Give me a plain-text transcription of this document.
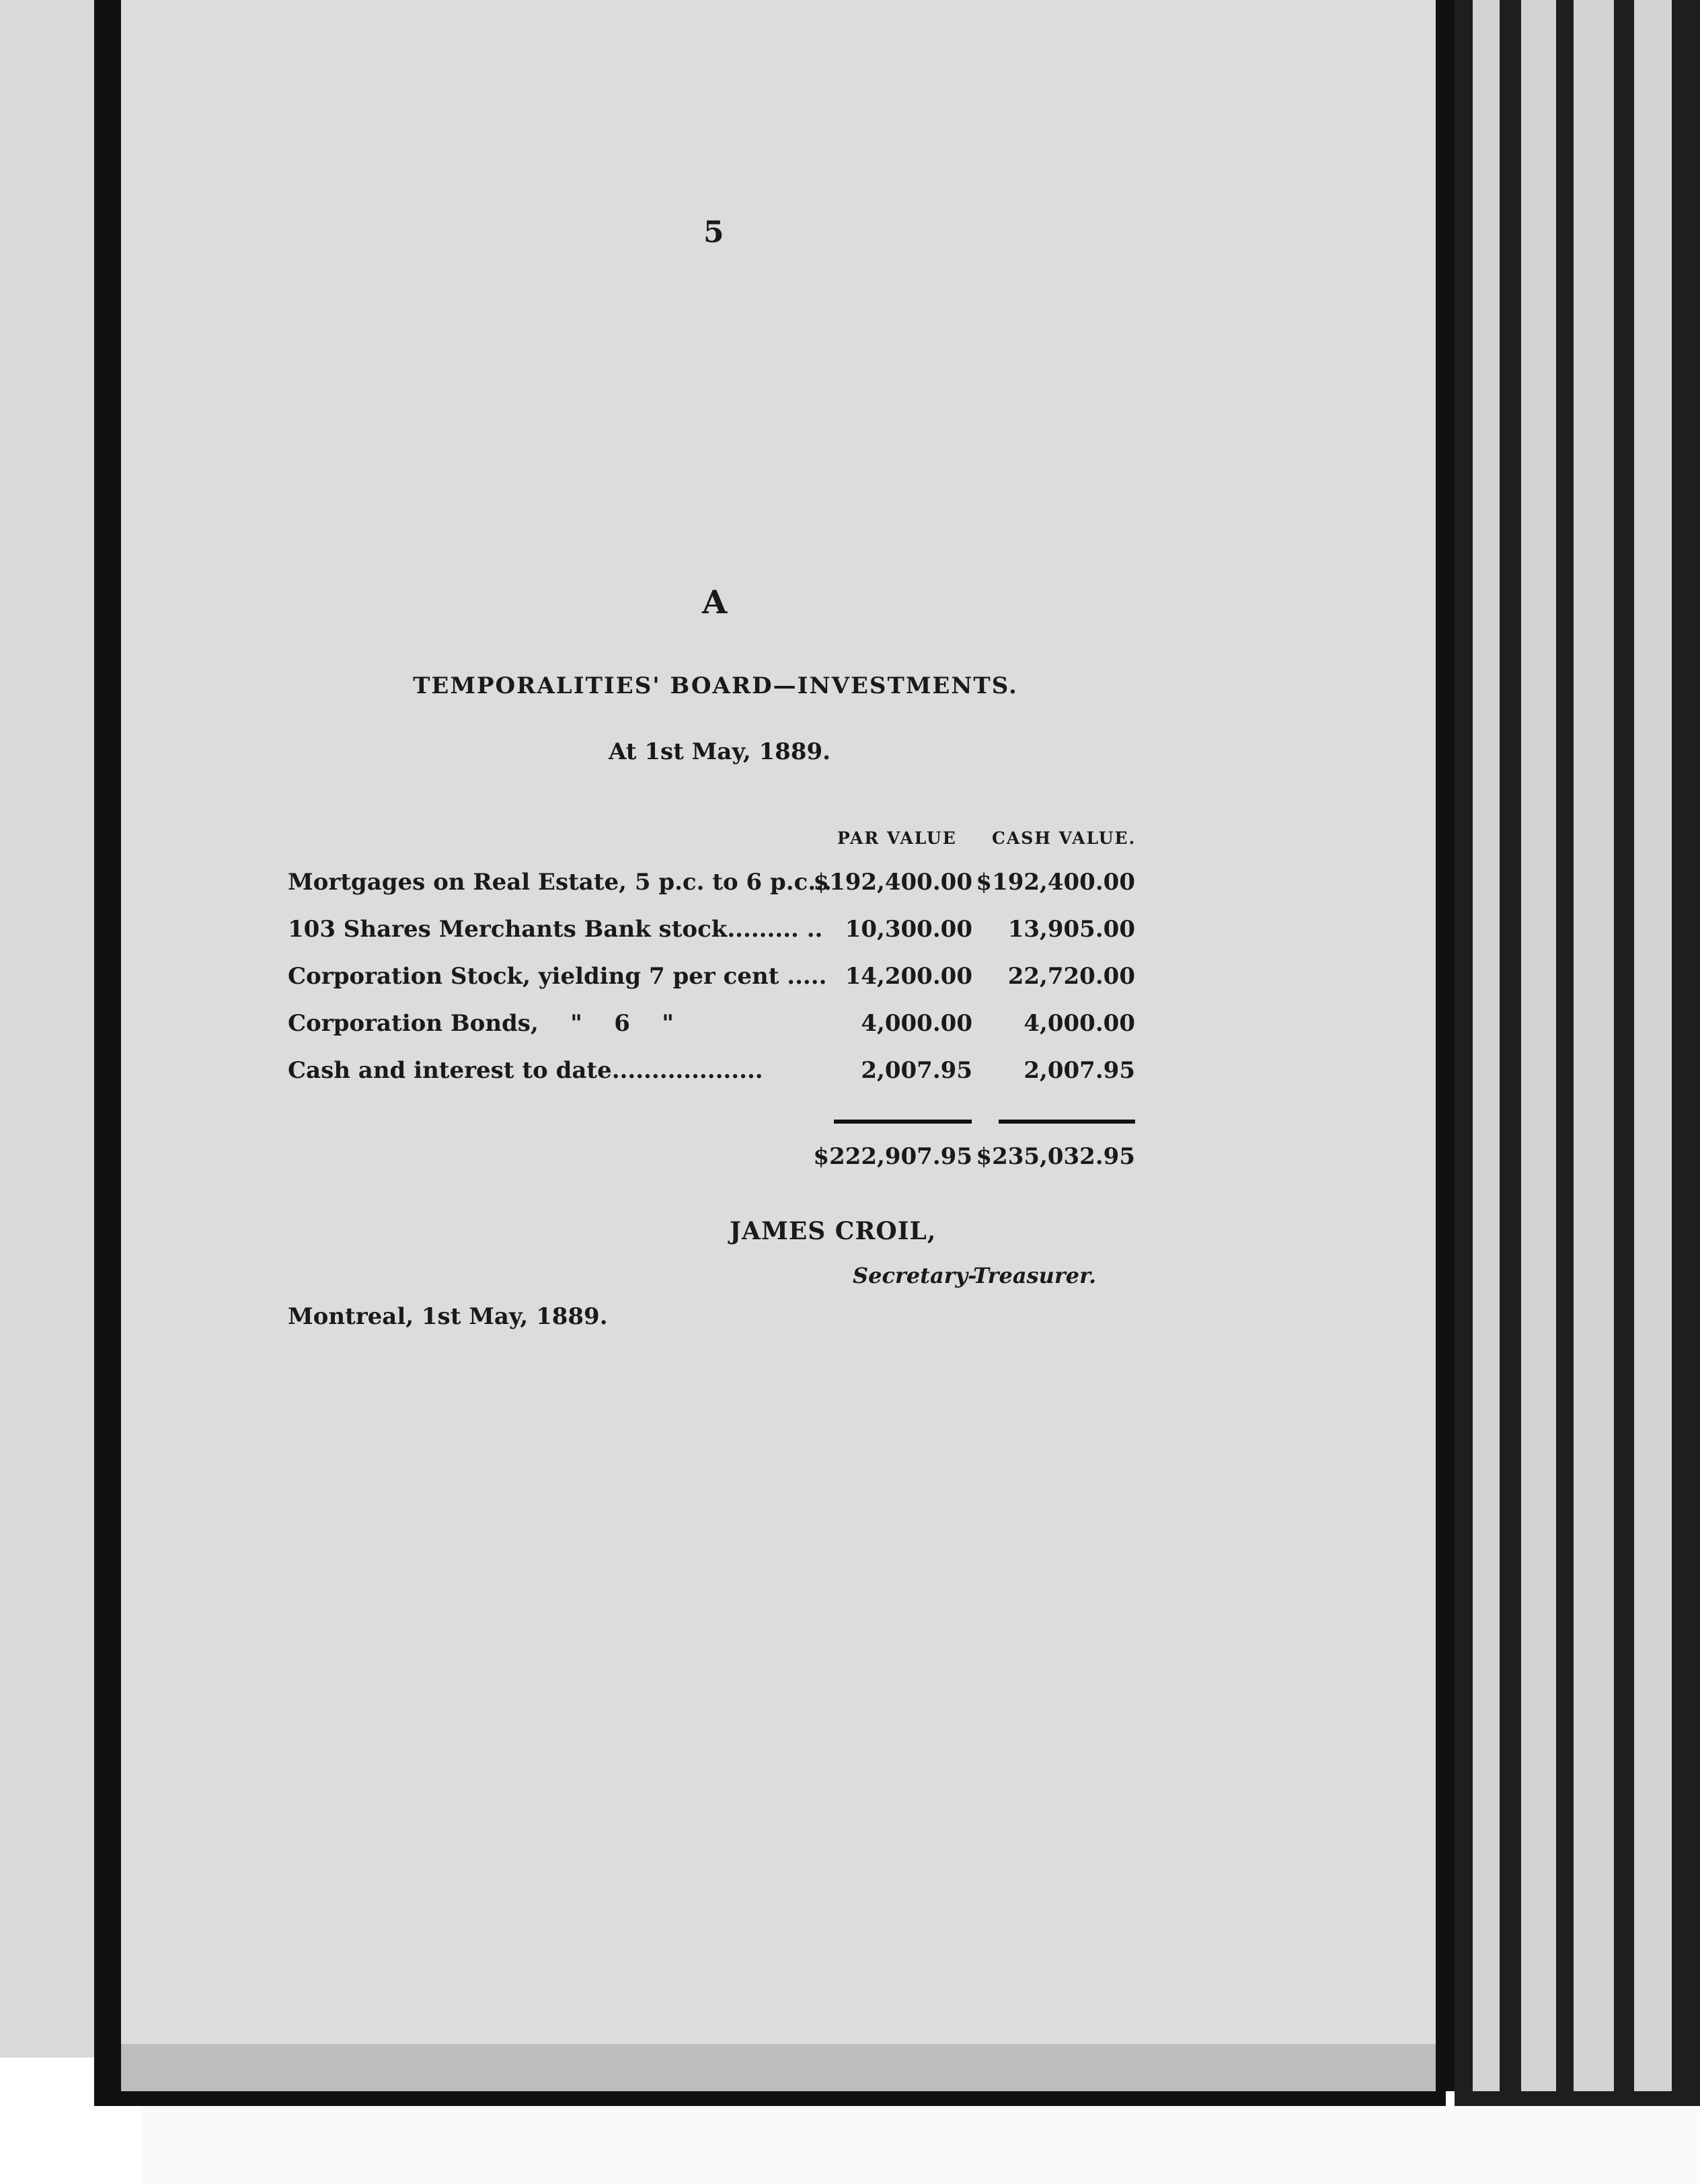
5
A
TEMPORALITIES' BOARD—INVESTMENTS.
At 1st May, 1889.
PAR VALUE CASH VALUE.
Mortgages on Real Estate, 5 p.c. to 6 p.c...
$192,400.00 $192,400.00
103 Shares Merchants Bank stock......... .. 10,300.00 13,905.00
Corporation Stock, yielding 7 per cent ..... 14,200.00 22,720.00
Corporation Bonds,    "    6    "	4,000.00 4,000.00
Cash and interest to date...................	2,007.95 2,007.95
$222,907.95 $235,032.95
JAMES CROIL,
Secretary-Treasurer.
Montreal, 1st May, 1889.
